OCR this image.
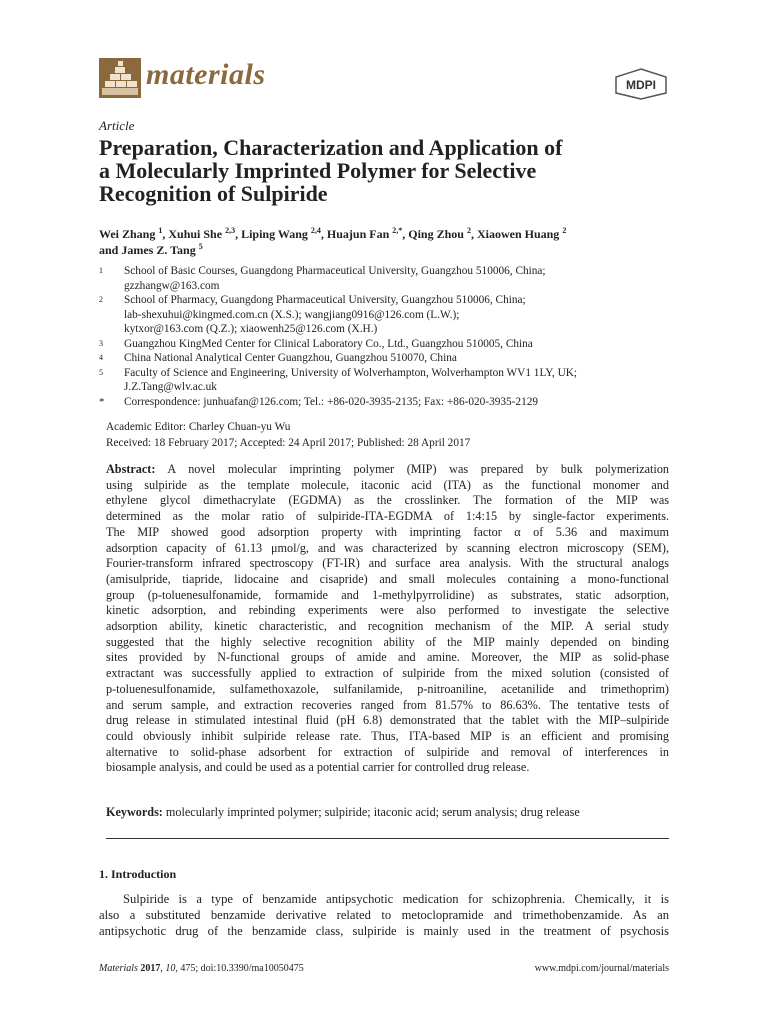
materials	MDPI
Article
Preparation, Characterization and Application of
a Molecularly Imprinted Polymer for Selective
Recognition of Sulpiride
Wei Zhang $^1$, Xuhui She $^{2,3}$, Liping Wang $^{2,4}$, Huajun Fan $^{2,*}$, Qing Zhou $^2$, Xiaowen Huang $^2$
and James Z. Tang $^5$
1	School of Basic Courses, Guangdong Pharmaceutical University, Guangzhou 510006, China;
gzzhangw@163.com
2	School of Pharmacy, Guangdong Pharmaceutical University, Guangzhou 510006, China;
lab-shexuhui@kingmed.com.cn (X.S.); wangjiang0916@126.com (L.W.);
kytxor@163.com (Q.Z.); xiaowenh25@126.com (X.H.)
3	Guangzhou KingMed Center for Clinical Laboratory Co., Ltd., Guangzhou 510005, China
4	China National Analytical Center Guangzhou, Guangzhou 510070, China
5	Faculty of Science and Engineering, University of Wolverhampton, Wolverhampton WV1 1LY, UK;
J.Z.Tang@wlv.ac.uk
*	Correspondence: junhuafan@126.com; Tel.: +86-020-3935-2135; Fax: +86-020-3935-2129
Academic Editor: Charley Chuan-yu Wu
Received: 18 February 2017; Accepted: 24 April 2017; Published: 28 April 2017
Abstract: A novel molecular imprinting polymer (MIP) was prepared by bulk polymerization
using sulpiride as the template molecule, itaconic acid (ITA) as the functional monomer and
ethylene glycol dimethacrylate (EGDMA) as the crosslinker. The formation of the MIP was
determined as the molar ratio of sulpiride-ITA-EGDMA of 1:4:15 by single-factor experiments.
The MIP showed good adsorption property with imprinting factor α of 5.36 and maximum
adsorption capacity of 61.13 μmol/g, and was characterized by scanning electron microscopy (SEM),
Fourier-transform infrared spectroscopy (FT-IR) and surface area analysis. With the structural analogs
(amisulpride, tiapride, lidocaine and cisapride) and small molecules containing a mono-functional
group (p-toluenesulfonamide, formamide and 1-methylpyrrolidine) as substrates, static adsorption,
kinetic adsorption, and rebinding experiments were also performed to investigate the selective
adsorption ability, kinetic characteristic, and recognition mechanism of the MIP. A serial study
suggested that the highly selective recognition ability of the MIP mainly depended on binding
sites provided by N-functional groups of amide and amine. Moreover, the MIP as solid-phase
extractant was successfully applied to extraction of sulpiride from the mixed solution (consisted of
p-toluenesulfonamide, sulfamethoxazole, sulfanilamide, p-nitroaniline, acetanilide and trimethoprim)
and serum sample, and extraction recoveries ranged from 81.57% to 86.63%. The tentative tests of
drug release in stimulated intestinal fluid (pH 6.8) demonstrated that the tablet with the MIP–sulpiride
could obviously inhibit sulpiride release rate. Thus, ITA-based MIP is an efficient and promising
alternative to solid-phase adsorbent for extraction of sulpiride and removal of interferences in
biosample analysis, and could be used as a potential carrier for controlled drug release.
Keywords: molecularly imprinted polymer; sulpiride; itaconic acid; serum analysis; drug release
1. Introduction
Sulpiride is a type of benzamide antipsychotic medication for schizophrenia. Chemically, it is
also a substituted benzamide derivative related to metoclopramide and trimethobenzamide. As an
antipsychotic drug of the benzamide class, sulpiride is mainly used in the treatment of psychosis
Materials 2017, 10, 475; doi:10.3390/ma10050475	www.mdpi.com/journal/materials
